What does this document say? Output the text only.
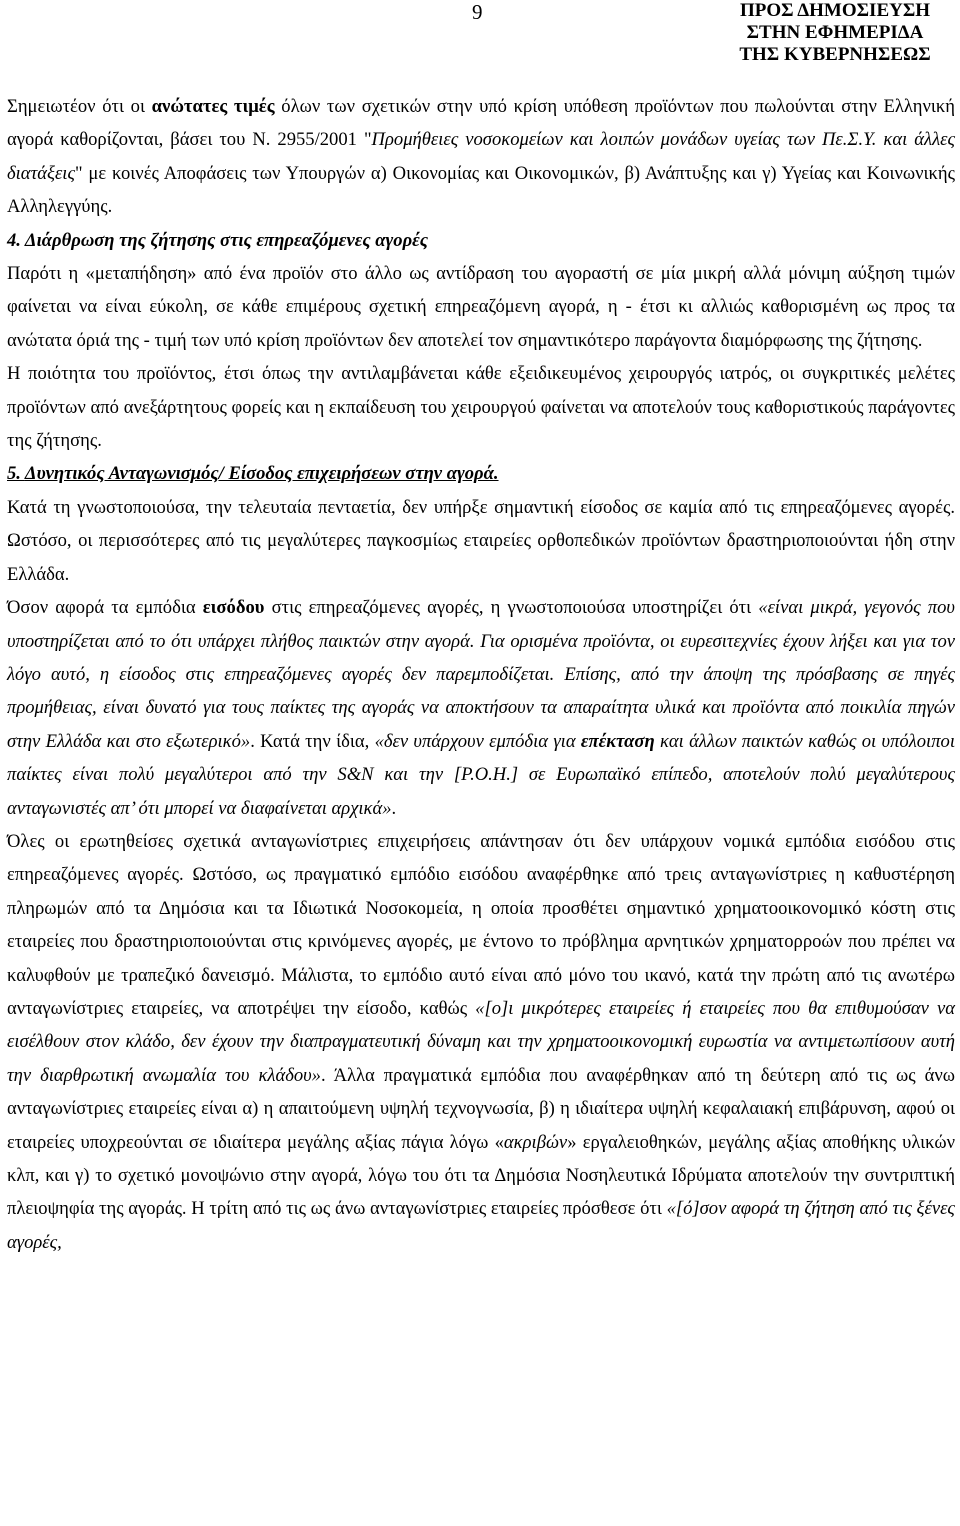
9	ΠΡΟΣ ΔΗΜΟΣΙΕΥΣΗ
ΣΤΗΝ ΕΦΗΜΕΡΙΔΑ
ΤΗΣ ΚΥΒΕΡΝΗΣΕΩΣ

Σημειωτέον ότι οι ανώτατες τιμές όλων των σχετικών στην υπό κρίση υπόθεση προϊόντων που πωλούνται στην Ελληνική αγορά καθορίζονται, βάσει του Ν. 2955/2001 "Προμήθειες νοσοκομείων και λοιπών μονάδων υγείας των Πε.Σ.Υ. και άλλες διατάξεις" με κοινές Αποφάσεις των Υπουργών α) Οικονομίας και Οικονομικών, β) Ανάπτυξης και γ) Υγείας και Κοινωνικής Αλληλεγγύης.

4. Διάρθρωση της ζήτησης στις επηρεαζόμενες αγορές

Παρότι η «μεταπήδηση» από ένα προϊόν στο άλλο ως αντίδραση του αγοραστή σε μία μικρή αλλά μόνιμη αύξηση τιμών φαίνεται να είναι εύκολη, σε κάθε επιμέρους σχετική επηρεαζόμενη αγορά, η - έτσι κι αλλιώς καθορισμένη ως προς τα ανώτατα όριά της - τιμή των υπό κρίση προϊόντων δεν αποτελεί τον σημαντικότερο παράγοντα διαμόρφωσης της ζήτησης.

Η ποιότητα του προϊόντος, έτσι όπως την αντιλαμβάνεται κάθε εξειδικευμένος χειρουργός ιατρός, οι συγκριτικές μελέτες προϊόντων από ανεξάρτητους φορείς και η εκπαίδευση του χειρουργού φαίνεται να αποτελούν τους καθοριστικούς παράγοντες της ζήτησης.

5. Δυνητικός Ανταγωνισμός/ Είσοδος επιχειρήσεων στην αγορά.

Κατά τη γνωστοποιούσα, την τελευταία πενταετία, δεν υπήρξε σημαντική είσοδος σε καμία από τις επηρεαζόμενες αγορές. Ωστόσο, οι περισσότερες από τις μεγαλύτερες παγκοσμίως εταιρείες ορθοπεδικών προϊόντων δραστηριοποιούνται ήδη στην Ελλάδα.

Όσον αφορά τα εμπόδια εισόδου στις επηρεαζόμενες αγορές, η γνωστοποιούσα υποστηρίζει ότι «είναι μικρά, γεγονός που υποστηρίζεται από το ότι υπάρχει πλήθος παικτών στην αγορά. Για ορισμένα προϊόντα, οι ευρεσιτεχνίες έχουν λήξει και για τον λόγο αυτό, η είσοδος στις επηρεαζόμενες αγορές δεν παρεμποδίζεται. Επίσης, από την άποψη της πρόσβασης σε πηγές προμήθειας, είναι δυνατό για τους παίκτες της αγοράς να αποκτήσουν τα απαραίτητα υλικά και προϊόντα από ποικιλία πηγών στην Ελλάδα και στο εξωτερικό». Κατά την ίδια, «δεν υπάρχουν εμπόδια για επέκταση και άλλων παικτών καθώς οι υπόλοιποι παίκτες είναι πολύ μεγαλύτεροι από την S&N και την [Ρ.Ο.Η.] σε Ευρωπαϊκό επίπεδο, αποτελούν πολύ μεγαλύτερους ανταγωνιστές απ’ ότι μπορεί να διαφαίνεται αρχικά».

Όλες οι ερωτηθείσες σχετικά ανταγωνίστριες επιχειρήσεις απάντησαν ότι δεν υπάρχουν νομικά εμπόδια εισόδου στις επηρεαζόμενες αγορές. Ωστόσο, ως πραγματικό εμπόδιο εισόδου αναφέρθηκε από τρεις ανταγωνίστριες η καθυστέρηση πληρωμών από τα Δημόσια και τα Ιδιωτικά Νοσοκομεία, η οποία προσθέτει σημαντικό χρηματοοικονομικό κόστη στις εταιρείες που δραστηριοποιούνται στις κρινόμενες αγορές, με έντονο το πρόβλημα αρνητικών χρηματορροών που πρέπει να καλυφθούν με τραπεζικό δανεισμό. Μάλιστα, το εμπόδιο αυτό είναι από μόνο του ικανό, κατά την πρώτη από τις ανωτέρω ανταγωνίστριες εταιρείες, να αποτρέψει την είσοδο, καθώς «[ο]ι μικρότερες εταιρείες ή εταιρείες που θα επιθυμούσαν να εισέλθουν στον κλάδο, δεν έχουν την διαπραγματευτική δύναμη και την χρηματοοικονομική ευρωστία να αντιμετωπίσουν αυτή την διαρθρωτική ανωμαλία του κλάδου». Άλλα πραγματικά εμπόδια που αναφέρθηκαν από τη δεύτερη από τις ως άνω ανταγωνίστριες εταιρείες είναι α) η απαιτούμενη υψηλή τεχνογνωσία, β) η ιδιαίτερα υψηλή κεφαλαιακή επιβάρυνση, αφού οι εταιρείες υποχρεούνται σε ιδιαίτερα μεγάλης αξίας πάγια λόγω «ακριβών» εργαλειοθηκών, μεγάλης αξίας αποθήκης υλικών κλπ, και γ) το σχετικό μονοψώνιο στην αγορά, λόγω του ότι τα Δημόσια Νοσηλευτικά Ιδρύματα αποτελούν την συντριπτική πλειοψηφία της αγοράς. Η τρίτη από τις ως άνω ανταγωνίστριες εταιρείες πρόσθεσε ότι «[ό]σον αφορά τη ζήτηση από τις ξένες αγορές,
